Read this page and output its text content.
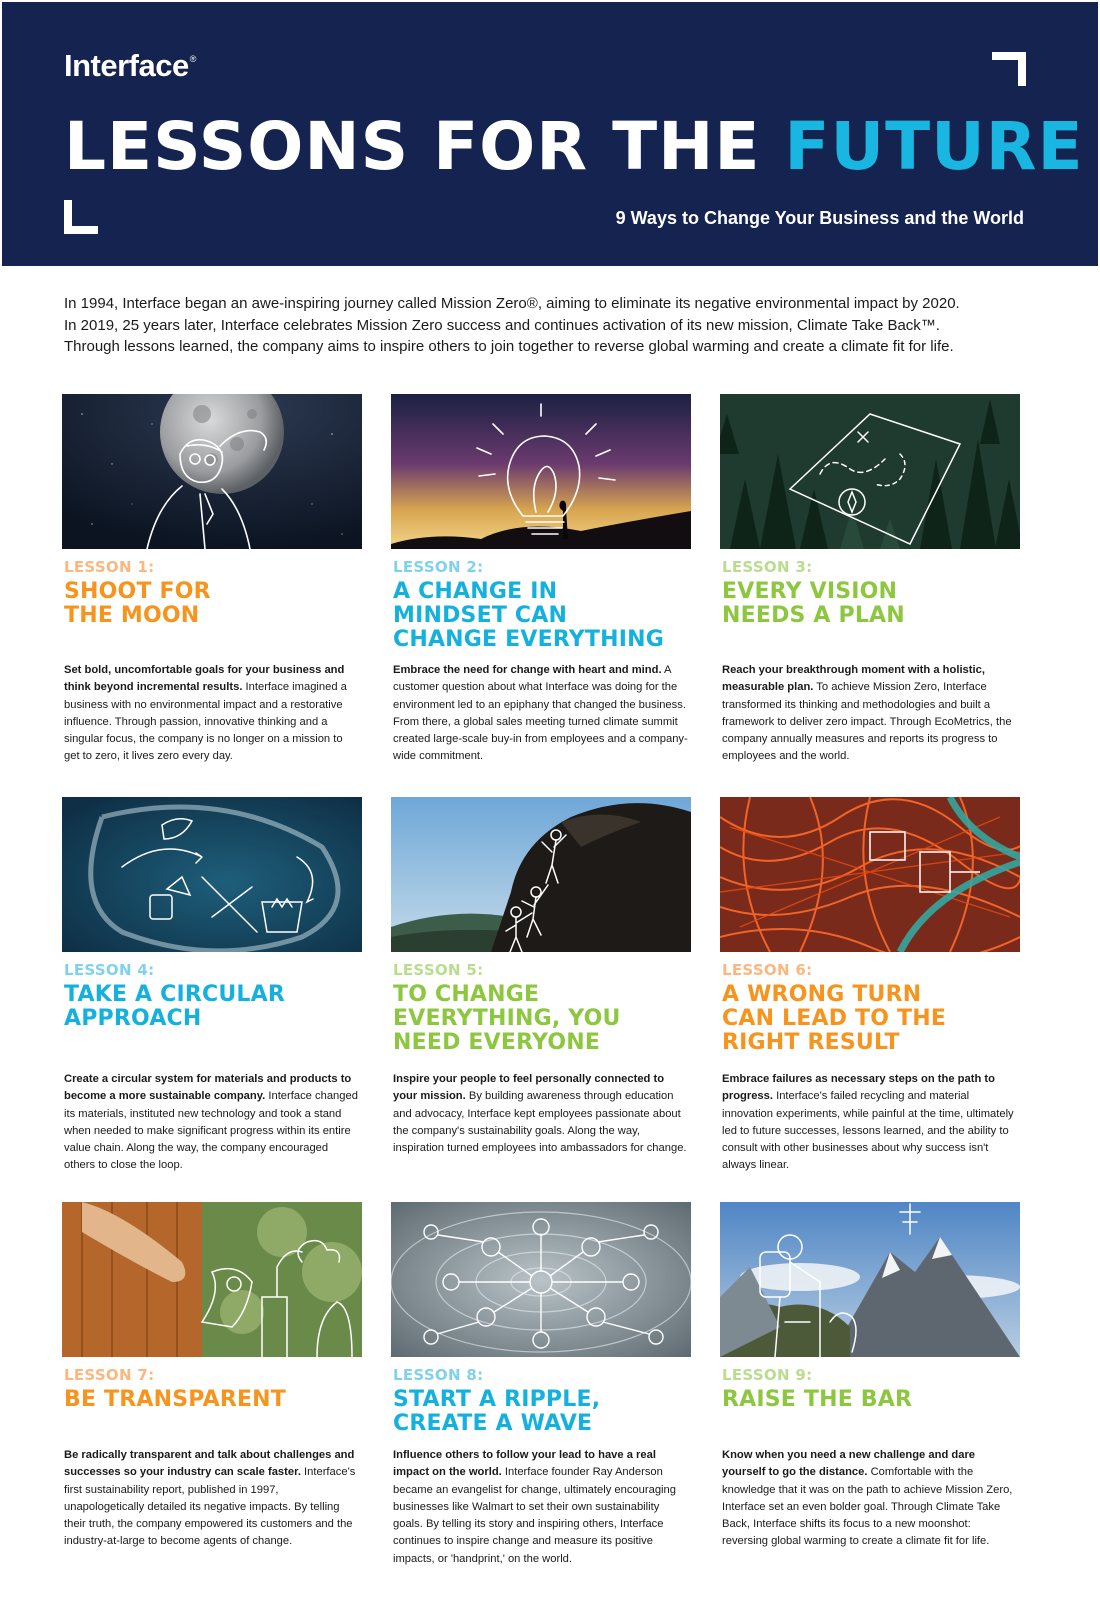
Interface®
LESSONS FOR THE FUTURE
9 Ways to Change Your Business and the World
In 1994, Interface began an awe-inspiring journey called Mission Zero®, aiming to eliminate its negative environmental impact by 2020.
In 2019, 25 years later, Interface celebrates Mission Zero success and continues activation of its new mission, Climate Take Back™.
Through lessons learned, the company aims to inspire others to join together to reverse global warming and create a climate fit for life.
LESSON 1:
SHOOT FOR
THE MOON
Set bold, uncomfortable goals for your business and think beyond incremental results. Interface imagined a business with no environmental impact and a restorative influence. Through passion, innovative thinking and a singular focus, the company is no longer on a mission to get to zero, it lives zero every day.
LESSON 2:
A CHANGE IN
MINDSET CAN
CHANGE EVERYTHING
Embrace the need for change with heart and mind. A customer question about what Interface was doing for the environment led to an epiphany that changed the business. From there, a global sales meeting turned climate summit created large-scale buy-in from employees and a company-wide commitment.
LESSON 3:
EVERY VISION
NEEDS A PLAN
Reach your breakthrough moment with a holistic, measurable plan. To achieve Mission Zero, Interface transformed its thinking and methodologies and built a framework to deliver zero impact. Through EcoMetrics, the company annually measures and reports its progress to employees and the world.
LESSON 4:
TAKE A CIRCULAR
APPROACH
Create a circular system for materials and products to become a more sustainable company. Interface changed its materials, instituted new technology and took a stand when needed to make significant progress within its entire value chain. Along the way, the company encouraged others to close the loop.
LESSON 5:
TO CHANGE
EVERYTHING, YOU
NEED EVERYONE
Inspire your people to feel personally connected to your mission. By building awareness through education and advocacy, Interface kept employees passionate about the company's sustainability goals. Along the way, inspiration turned employees into ambassadors for change.
LESSON 6:
A WRONG TURN
CAN LEAD TO THE
RIGHT RESULT
Embrace failures as necessary steps on the path to progress. Interface's failed recycling and material innovation experiments, while painful at the time, ultimately led to future successes, lessons learned, and the ability to consult with other businesses about why success isn't always linear.
LESSON 7:
BE TRANSPARENT
Be radically transparent and talk about challenges and successes so your industry can scale faster. Interface's first sustainability report, published in 1997, unapologetically detailed its negative impacts. By telling their truth, the company empowered its customers and the industry-at-large to become agents of change.
LESSON 8:
START A RIPPLE,
CREATE A WAVE
Influence others to follow your lead to have a real impact on the world. Interface founder Ray Anderson became an evangelist for change, ultimately encouraging businesses like Walmart to set their own sustainability goals. By telling its story and inspiring others, Interface continues to inspire change and measure its positive impacts, or 'handprint,' on the world.
LESSON 9:
RAISE THE BAR
Know when you need a new challenge and dare yourself to go the distance. Comfortable with the knowledge that it was on the path to achieve Mission Zero, Interface set an even bolder goal. Through Climate Take Back, Interface shifts its focus to a new moonshot: reversing global warming to create a climate fit for life.
